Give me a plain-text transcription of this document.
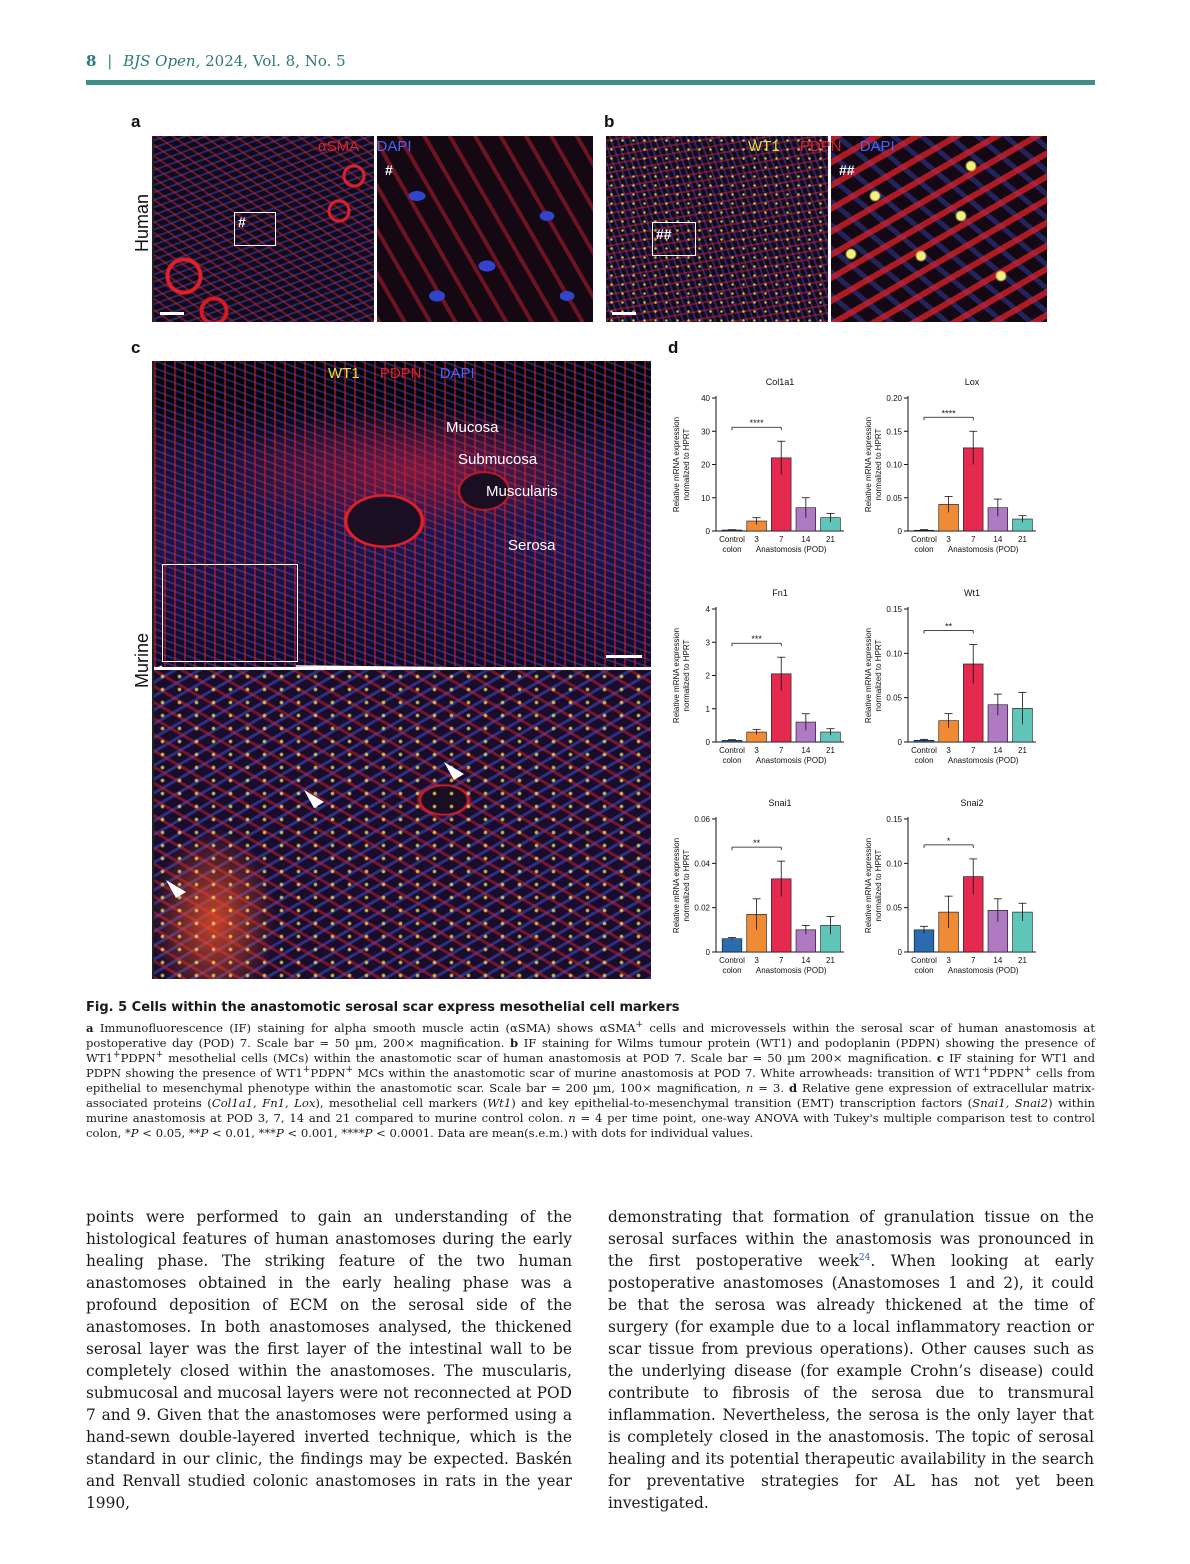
8 | BJS Open, 2024, Vol. 8, No. 5
a	b
c	d
Human	#
#
αSMA DAPI
##
##
WT1 PDPN DAPI
Murine
WT1 PDPN DAPI
Mucosa
Submucosa
Muscularis
Serosa
Col1a1
Relative mRNA expressionnormalized to HPRT
0
10
20
30
40
Control
colon
3	7 14 21
Anastomosis (POD)
****
Lox
Relative mRNA expressionnormalized to HPRT
0
0.05
0.10
0.15
0.20
Control
colon
3	7 14 21
Anastomosis (POD)
****
Fn1
Relative mRNA expressionnormalized to HPRT
0
1
2
3
4
Control
colon
3	7 14 21
Anastomosis (POD)
***
Wt1
Relative mRNA expressionnormalized to HPRT
0
0.05
0.10
0.15
Control
colon
3	7 14 21
Anastomosis (POD)
**
Snai1
Relative mRNA expressionnormalized to HPRT
0
0.02
0.04
0.06
Control
colon
3	7 14 21
Anastomosis (POD)
**
Snai2
Relative mRNA expressionnormalized to HPRT
0
0.05
0.10
0.15
Control
colon
3	7 14 21
Anastomosis (POD)
*
Fig. 5 Cells within the anastomotic serosal scar express mesothelial cell markers
a Immunofluorescence (IF) staining for alpha smooth muscle actin (αSMA) shows αSMA+ cells and microvessels within the serosal scar of human anastomosis at postoperative day (POD) 7. Scale bar = 50 µm, 200× magnification. b IF staining for Wilms tumour protein (WT1) and podoplanin (PDPN) showing the presence of WT1+PDPN+ mesothelial cells (MCs) within the anastomotic scar of human anastomosis at POD 7. Scale bar = 50 µm 200× magnification. c IF staining for WT1 and PDPN showing the presence of WT1+PDPN+ MCs within the anastomotic scar of murine anastomosis at POD 7. White arrowheads: transition of WT1+PDPN+ cells from epithelial to mesenchymal phenotype within the anastomotic scar. Scale bar = 200 µm, 100× magnification, n = 3. d Relative gene expression of extracellular matrix-associated proteins (Col1a1, Fn1, Lox), mesothelial cell markers (Wt1) and key epithelial-to-mesenchymal transition (EMT) transcription factors (Snai1, Snai2) within murine anastomosis at POD 3, 7, 14 and 21 compared to murine control colon. n = 4 per time point, one-way ANOVA with Tukey's multiple comparison test to control colon, *P < 0.05, **P < 0.01, ***P < 0.001, ****P < 0.0001. Data are mean(s.e.m.) with dots for individual values.

points were performed to gain an understanding of the histological features of human anastomoses during the early healing phase. The striking feature of the two human anastomoses obtained in the early healing phase was a profound deposition of ECM on the serosal side of the anastomoses. In both anastomoses analysed, the thickened serosal layer was the first layer of the intestinal wall to be completely closed within the anastomoses. The muscularis, submucosal and mucosal layers were not reconnected at POD 7 and 9. Given that the anastomoses were performed using a hand-sewn double-layered inverted technique, which is the standard in our clinic, the findings may be expected. Baskén and Renvall studied colonic anastomoses in rats in the year 1990,

demonstrating that formation of granulation tissue on the serosal surfaces within the anastomosis was pronounced in the first postoperative week$^{24}$. When looking at early postoperative anastomoses (Anastomoses 1 and 2), it could be that the serosa was already thickened at the time of surgery (for example due to a local inflammatory reaction or scar tissue from previous operations). Other causes such as the underlying disease (for example Crohn’s disease) could contribute to fibrosis of the serosa due to transmural inflammation. Nevertheless, the serosa is the only layer that is completely closed in the anastomosis. The topic of serosal healing and its potential therapeutic availability in the search for preventative strategies for AL has not yet been investigated.
